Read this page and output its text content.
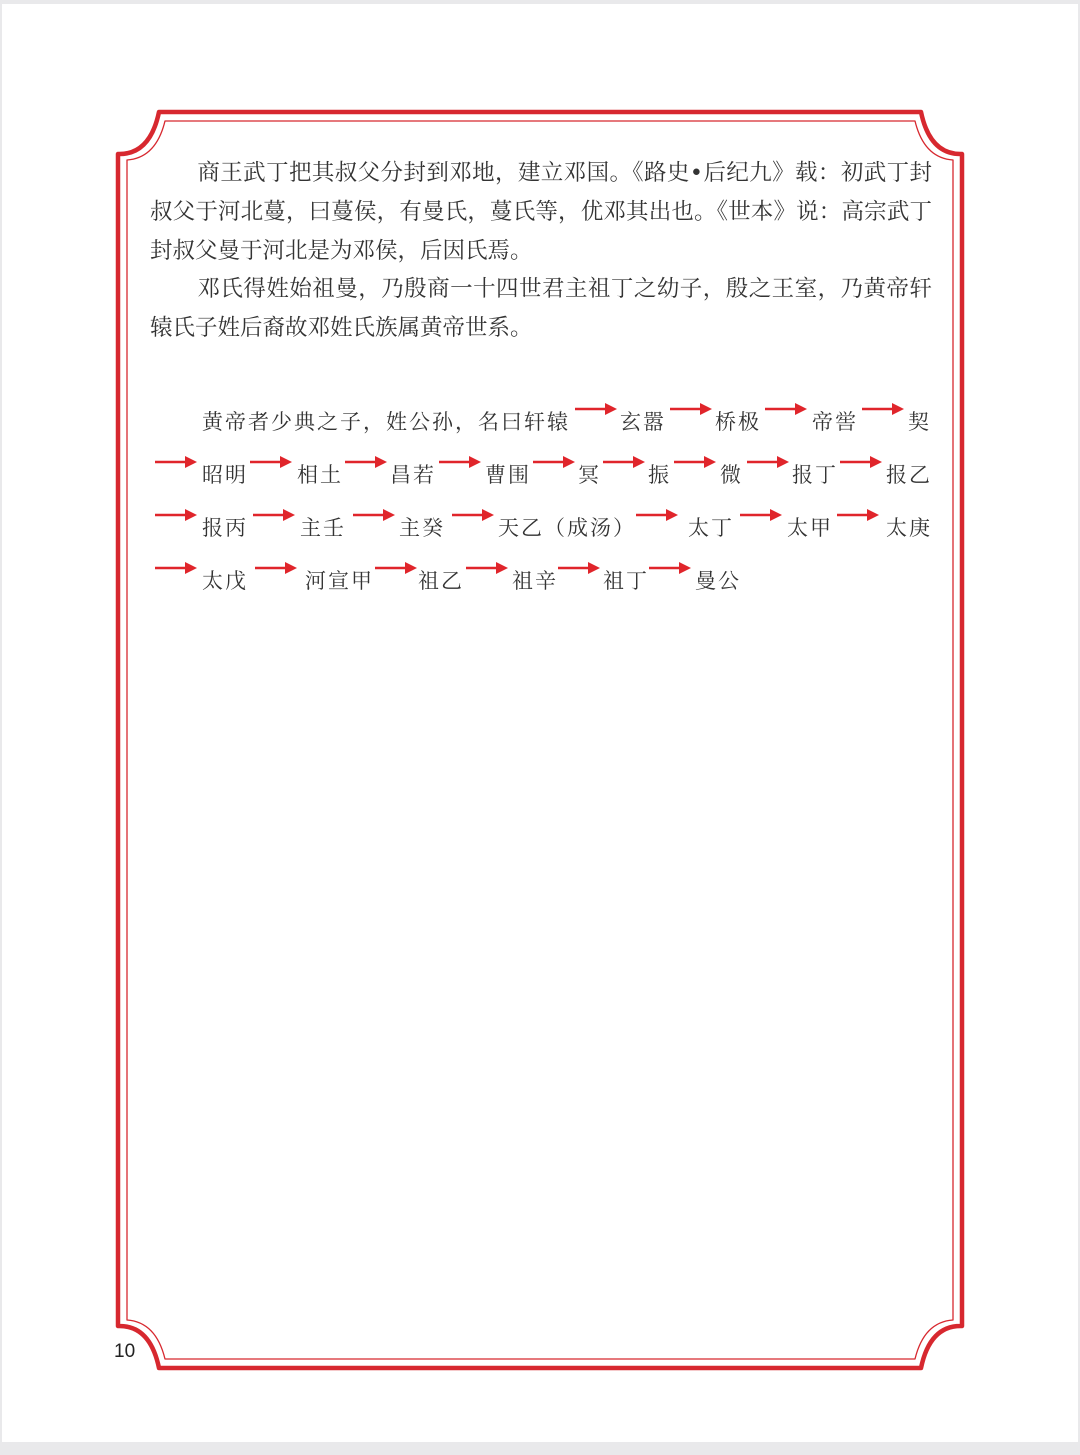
商王武丁把其叔父分封到邓地，建立邓国。《路史•后纪九》载：初武丁封叔父于河北蔓，曰蔓侯，有曼氏，蔓氏等，优邓其出也。《世本》说：高宗武丁封叔父曼于河北是为邓侯，后因氏焉。

邓氏得姓始祖曼，乃殷商一十四世君主祖丁之幼子，殷之王室，乃黄帝轩辕氏子姓后裔故邓姓氏族属黄帝世系。

黄帝者少典之子，姓公孙，名曰轩辕 玄嚣 桥极 帝喾 契
昭明 相土 昌若 曹围 冥 振 微 报丁 报乙
报丙 主壬	主癸	天乙（成汤） 太丁	太甲	太庚
太戊	河宣甲 祖乙 祖辛 祖丁 曼公
10
